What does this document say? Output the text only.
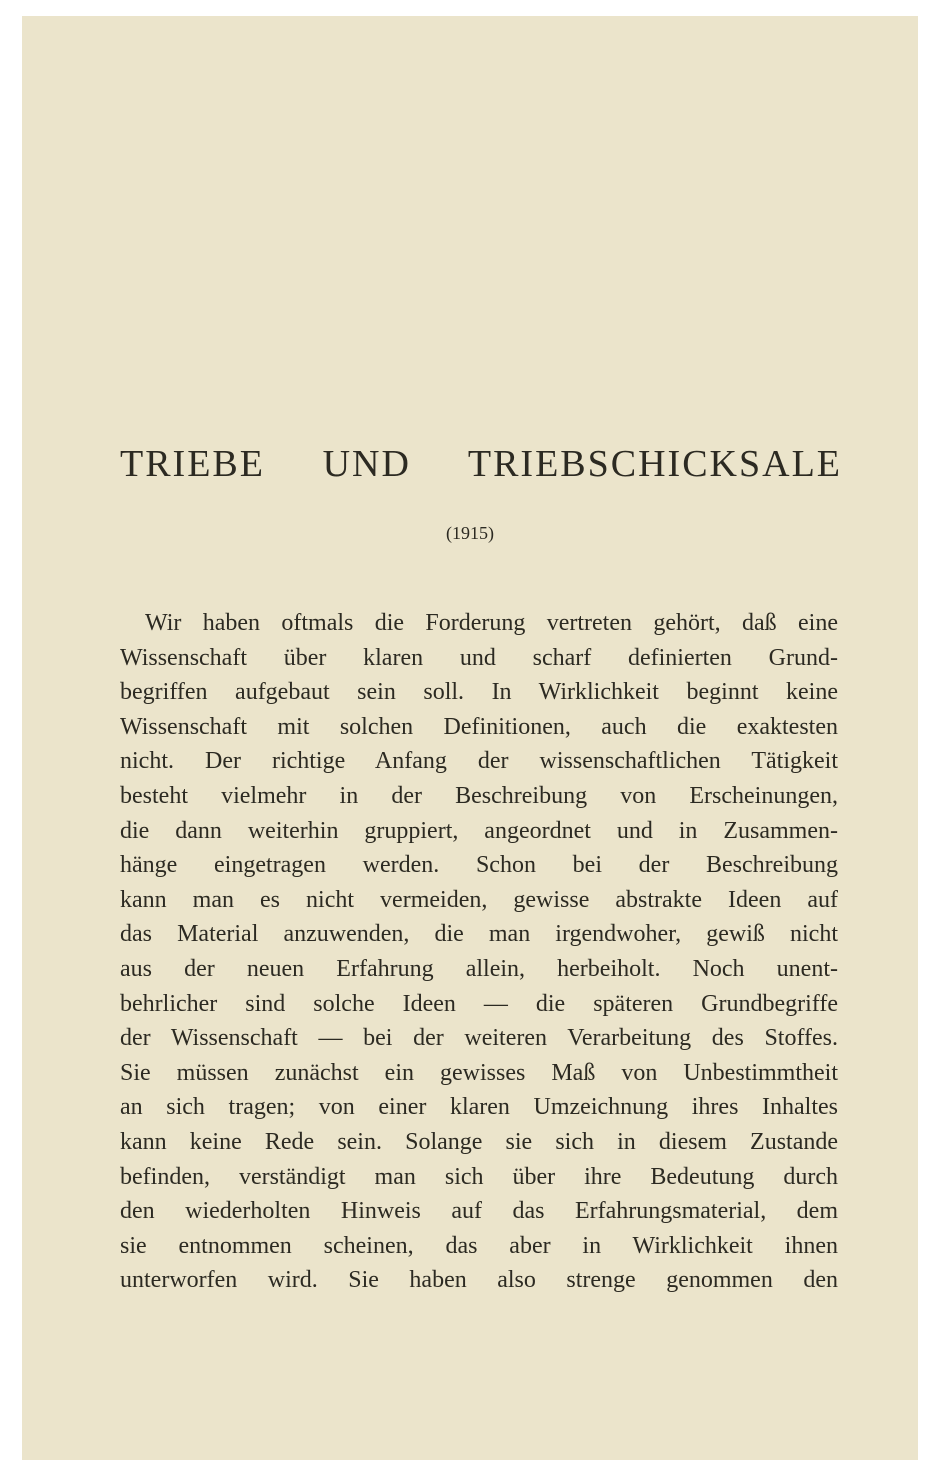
TRIEBE UND TRIEBSCHICKSALE
(1915)
Wir haben oftmals die Forderung vertreten gehört, daß eine
Wissenschaft über klaren und scharf definierten Grund-
begriffen aufgebaut sein soll. In Wirklichkeit beginnt keine
Wissenschaft mit solchen Definitionen, auch die exaktesten
nicht. Der richtige Anfang der wissenschaftlichen Tätigkeit
besteht vielmehr in der Beschreibung von Erscheinungen,
die dann weiterhin gruppiert, angeordnet und in Zusammen-
hänge eingetragen werden. Schon bei der Beschreibung
kann man es nicht vermeiden, gewisse abstrakte Ideen auf
das Material anzuwenden, die man irgendwoher, gewiß nicht
aus der neuen Erfahrung allein, herbeiholt. Noch unent-
behrlicher sind solche Ideen — die späteren Grundbegriffe
der Wissenschaft — bei der weiteren Verarbeitung des Stoffes.
Sie müssen zunächst ein gewisses Maß von Unbestimmtheit
an sich tragen; von einer klaren Umzeichnung ihres Inhaltes
kann keine Rede sein. Solange sie sich in diesem Zustande
befinden, verständigt man sich über ihre Bedeutung durch
den wiederholten Hinweis auf das Erfahrungsmaterial, dem
sie entnommen scheinen, das aber in Wirklichkeit ihnen
unterworfen wird. Sie haben also strenge genommen den
